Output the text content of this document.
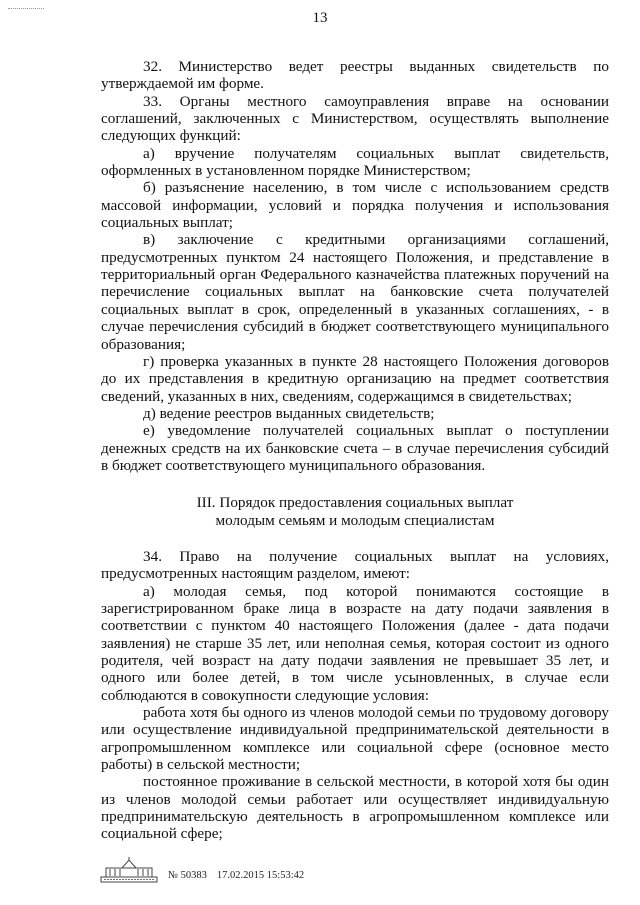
13

32. Министерство ведет реестры выданных свидетельств по утверждаемой им форме.

33. Органы местного самоуправления вправе на основании соглашений, заключенных с Министерством, осуществлять выполнение следующих функций:

а) вручение получателям социальных выплат свидетельств, оформленных в установленном порядке Министерством;

б) разъяснение населению, в том числе с использованием средств массовой информации, условий и порядка получения и использования социальных выплат;

в) заключение с кредитными организациями соглашений, предусмотренных пунктом 24 настоящего Положения, и представление в территориальный орган Федерального казначейства платежных поручений на перечисление социальных выплат на банковские счета получателей социальных выплат в срок, определенный в указанных соглашениях, - в случае перечисления субсидий в бюджет соответствующего муниципального образования;

г) проверка указанных в пункте 28 настоящего Положения договоров до их представления в кредитную организацию на предмет соответствия сведений, указанных в них, сведениям, содержащимся в свидетельствах;

д) ведение реестров выданных свидетельств;

е) уведомление получателей социальных выплат о поступлении денежных средств на их банковские счета – в случае перечисления субсидий в бюджет соответствующего муниципального образования.

III. Порядок предоставления социальных выплат
молодым семьям и молодым специалистам

34. Право на получение социальных выплат на условиях, предусмотренных настоящим разделом, имеют:

а) молодая семья, под которой понимаются состоящие в зарегистрированном браке лица в возрасте на дату подачи заявления в соответствии с пунктом 40 настоящего Положения (далее - дата подачи заявления) не старше 35 лет, или неполная семья, которая состоит из одного родителя, чей возраст на дату подачи заявления не превышает 35 лет, и одного или более детей, в том числе усыновленных, в случае если соблюдаются в совокупности следующие условия:

работа хотя бы одного из членов молодой семьи по трудовому договору или осуществление индивидуальной предпринимательской деятельности в агропромышленном комплексе или социальной сфере (основное место работы) в сельской местности;

постоянное проживание в сельской местности, в которой хотя бы один из членов молодой семьи работает или осуществляет индивидуальную предпринимательскую деятельность в агропромышленном комплексе или социальной сфере;

№ 50383 17.02.2015 15:53:42
